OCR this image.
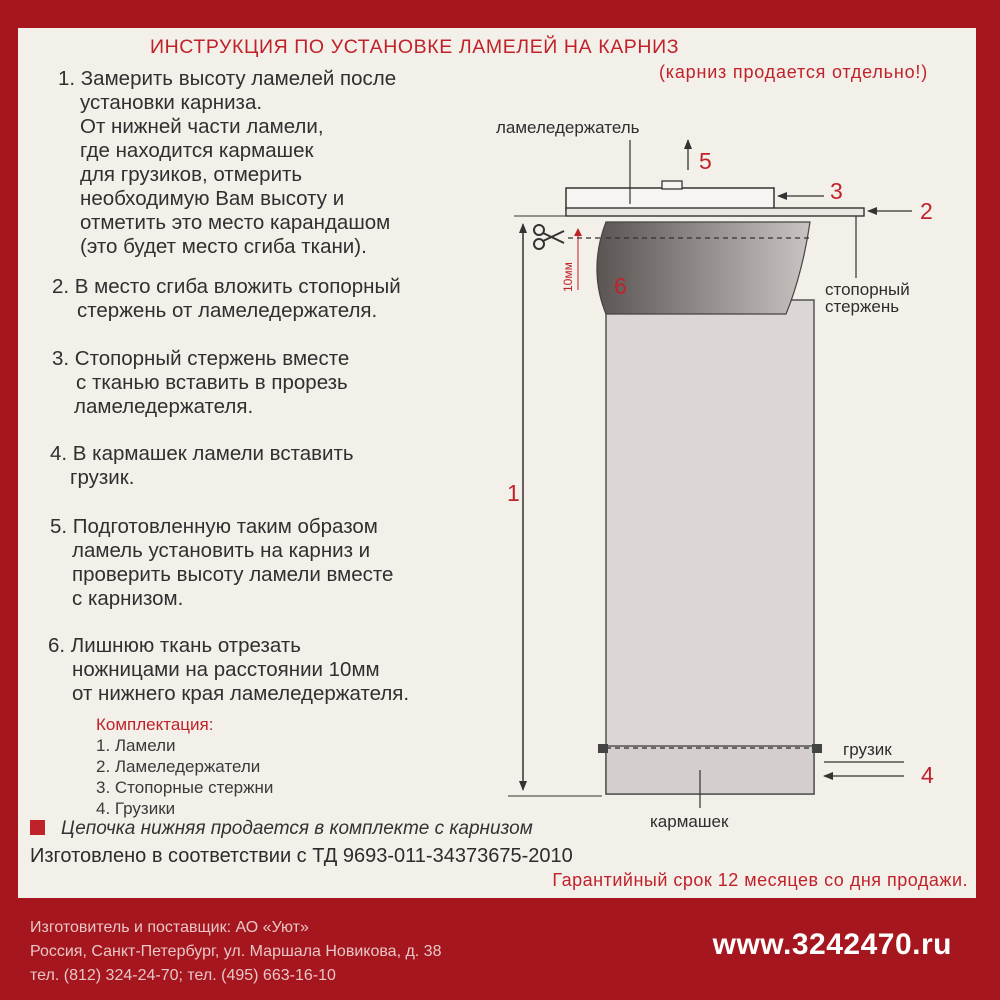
ИНСТРУКЦИЯ ПО УСТАНОВКЕ ЛАМЕЛЕЙ НА КАРНИЗ
(карниз продается отдельно!)
1. Замерить высоту ламелей после
установки карниза.
От нижней части ламели,
где находится кармашек
для грузиков, отмерить
необходимую Вам высоту и
отметить это место карандашом
(это будет место сгиба ткани).
2. В место сгиба вложить стопорный
стержень от ламеледержателя.
3. Стопорный стержень вместе
с тканью вставить в прорезь
ламеледержателя.
4. В кармашек ламели вставить
грузик.
5. Подготовленную таким образом
ламель установить на карниз и
проверить высоту ламели вместе
с карнизом.
6. Лишнюю ткань отрезать
ножницами на расстоянии 10мм
от нижнего края ламеледержателя.
Комплектация:
1. Ламели
2. Ламеледержатели
3. Стопорные стержни
4. Грузики
Цепочка нижняя продается в комплекте с карнизом
Изготовлено в соответствии с ТД 9693-011-34373675-2010
Гарантийный срок 12 месяцев со дня продажи.
Изготовитель и поставщик: АО «Уют»
Россия, Санкт-Петербург, ул. Маршала Новикова, д. 38
тел. (812) 324-24-70; тел. (495) 663-16-10
www.3242470.ru
ламеледержатель
стопорный
стержень
грузик
кармашек
10мм
5
3
2
6
1
4
